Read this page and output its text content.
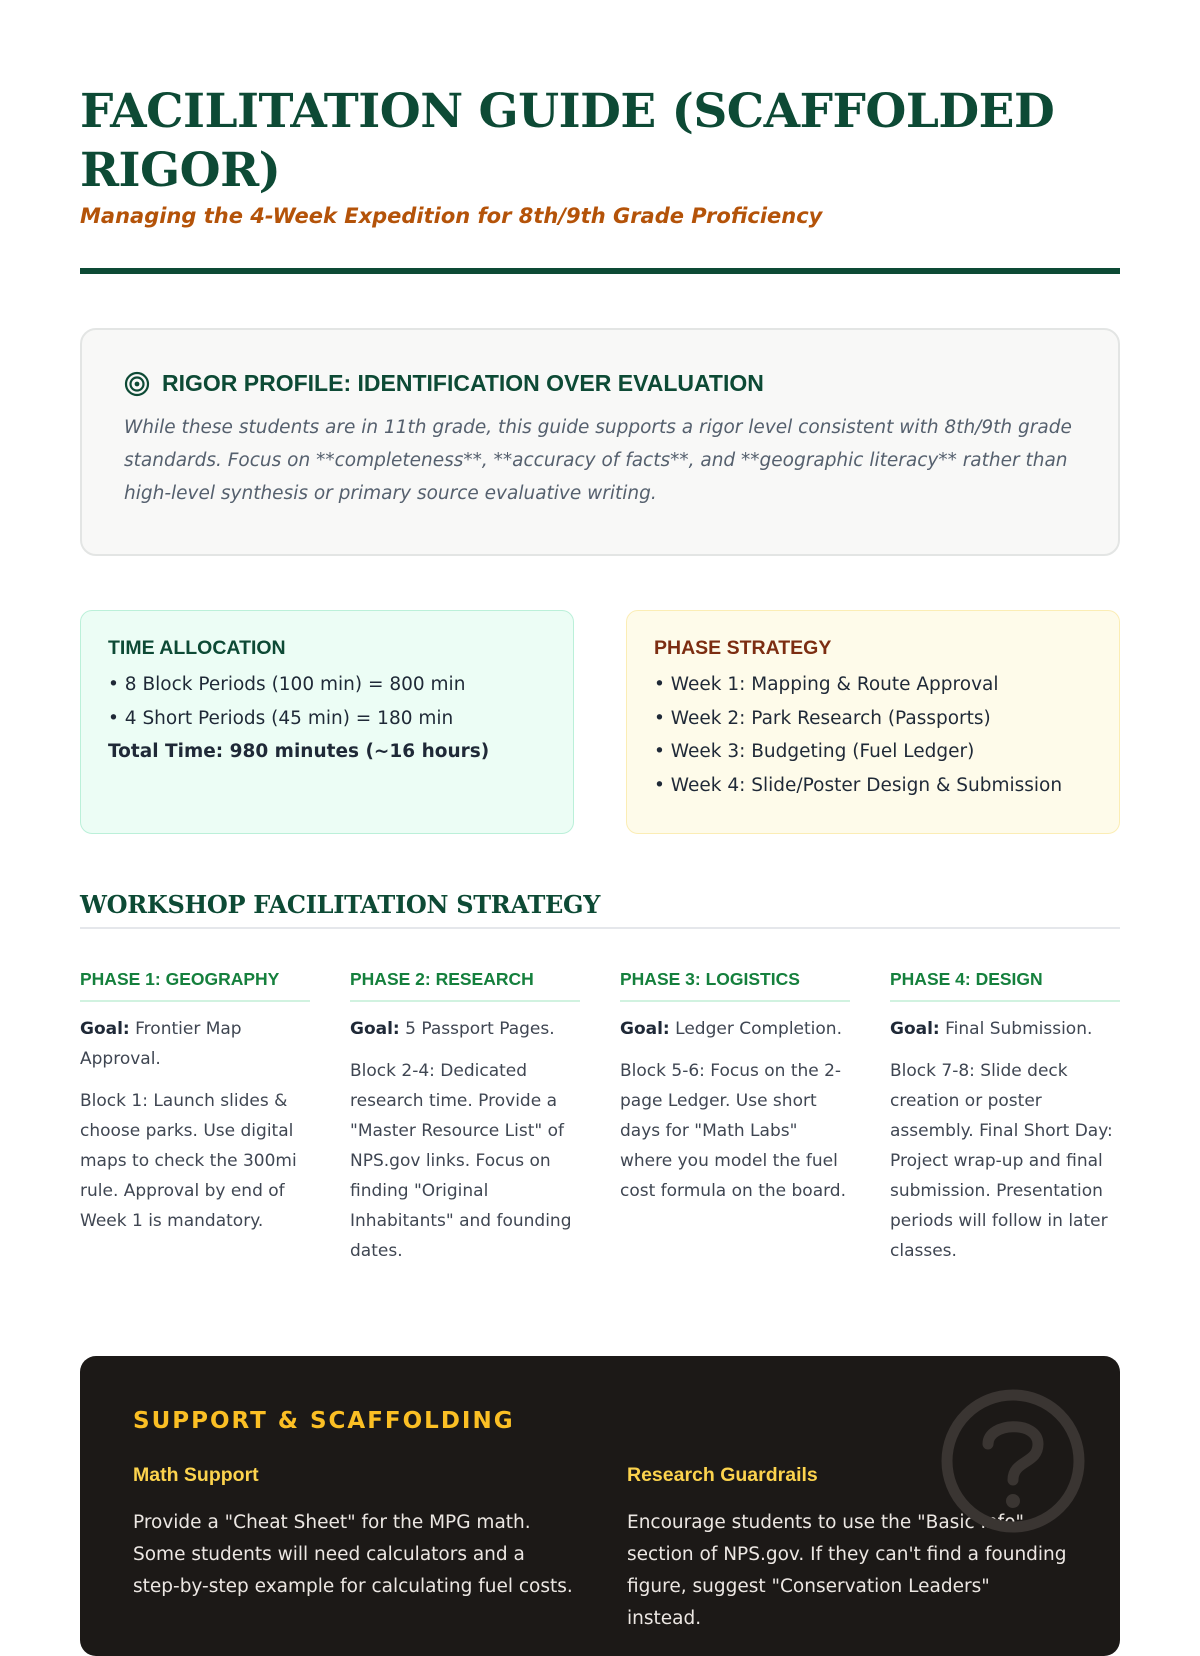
FACILITATION GUIDE (SCAFFOLDED RIGOR)
Managing the 4-Week Expedition for 8th/9th Grade Proficiency
RIGOR PROFILE: IDENTIFICATION OVER EVALUATION

While these students are in 11th grade, this guide supports a rigor level consistent with 8th/9th grade standards. Focus on **completeness**, **accuracy of facts**, and **geographic literacy** rather than high-level synthesis or primary source evaluative writing.

TIME ALLOCATION
• 8 Block Periods (100 min) = 800 min
• 4 Short Periods (45 min) = 180 min
Total Time: 980 minutes (~16 hours)
PHASE STRATEGY
• Week 1: Mapping & Route Approval
• Week 2: Park Research (Passports)
• Week 3: Budgeting (Fuel Ledger)
• Week 4: Slide/Poster Design & Submission
WORKSHOP FACILITATION STRATEGY
PHASE 1: GEOGRAPHY

Goal: Frontier Map Approval.

Block 1: Launch slides & choose parks. Use digital maps to check the 300mi rule. Approval by end of Week 1 is mandatory.

PHASE 2: RESEARCH

Goal: 5 Passport Pages.

Block 2-4: Dedicated research time. Provide a "Master Resource List" of NPS.gov links. Focus on finding "Original Inhabitants" and founding dates.

PHASE 3: LOGISTICS

Goal: Ledger Completion.

Block 5-6: Focus on the 2-page Ledger. Use short days for "Math Labs" where you model the fuel cost formula on the board.

PHASE 4: DESIGN

Goal: Final Submission.

Block 7-8: Slide deck creation or poster assembly. Final Short Day: Project wrap-up and final submission. Presentation periods will follow in later classes.

SUPPORT & SCAFFOLDING
Math Support

Provide a "Cheat Sheet" for the MPG math. Some students will need calculators and a step-by-step example for calculating fuel costs.

Research Guardrails

Encourage students to use the "Basic Info" section of NPS.gov. If they can't find a founding figure, suggest "Conservation Leaders" instead.
